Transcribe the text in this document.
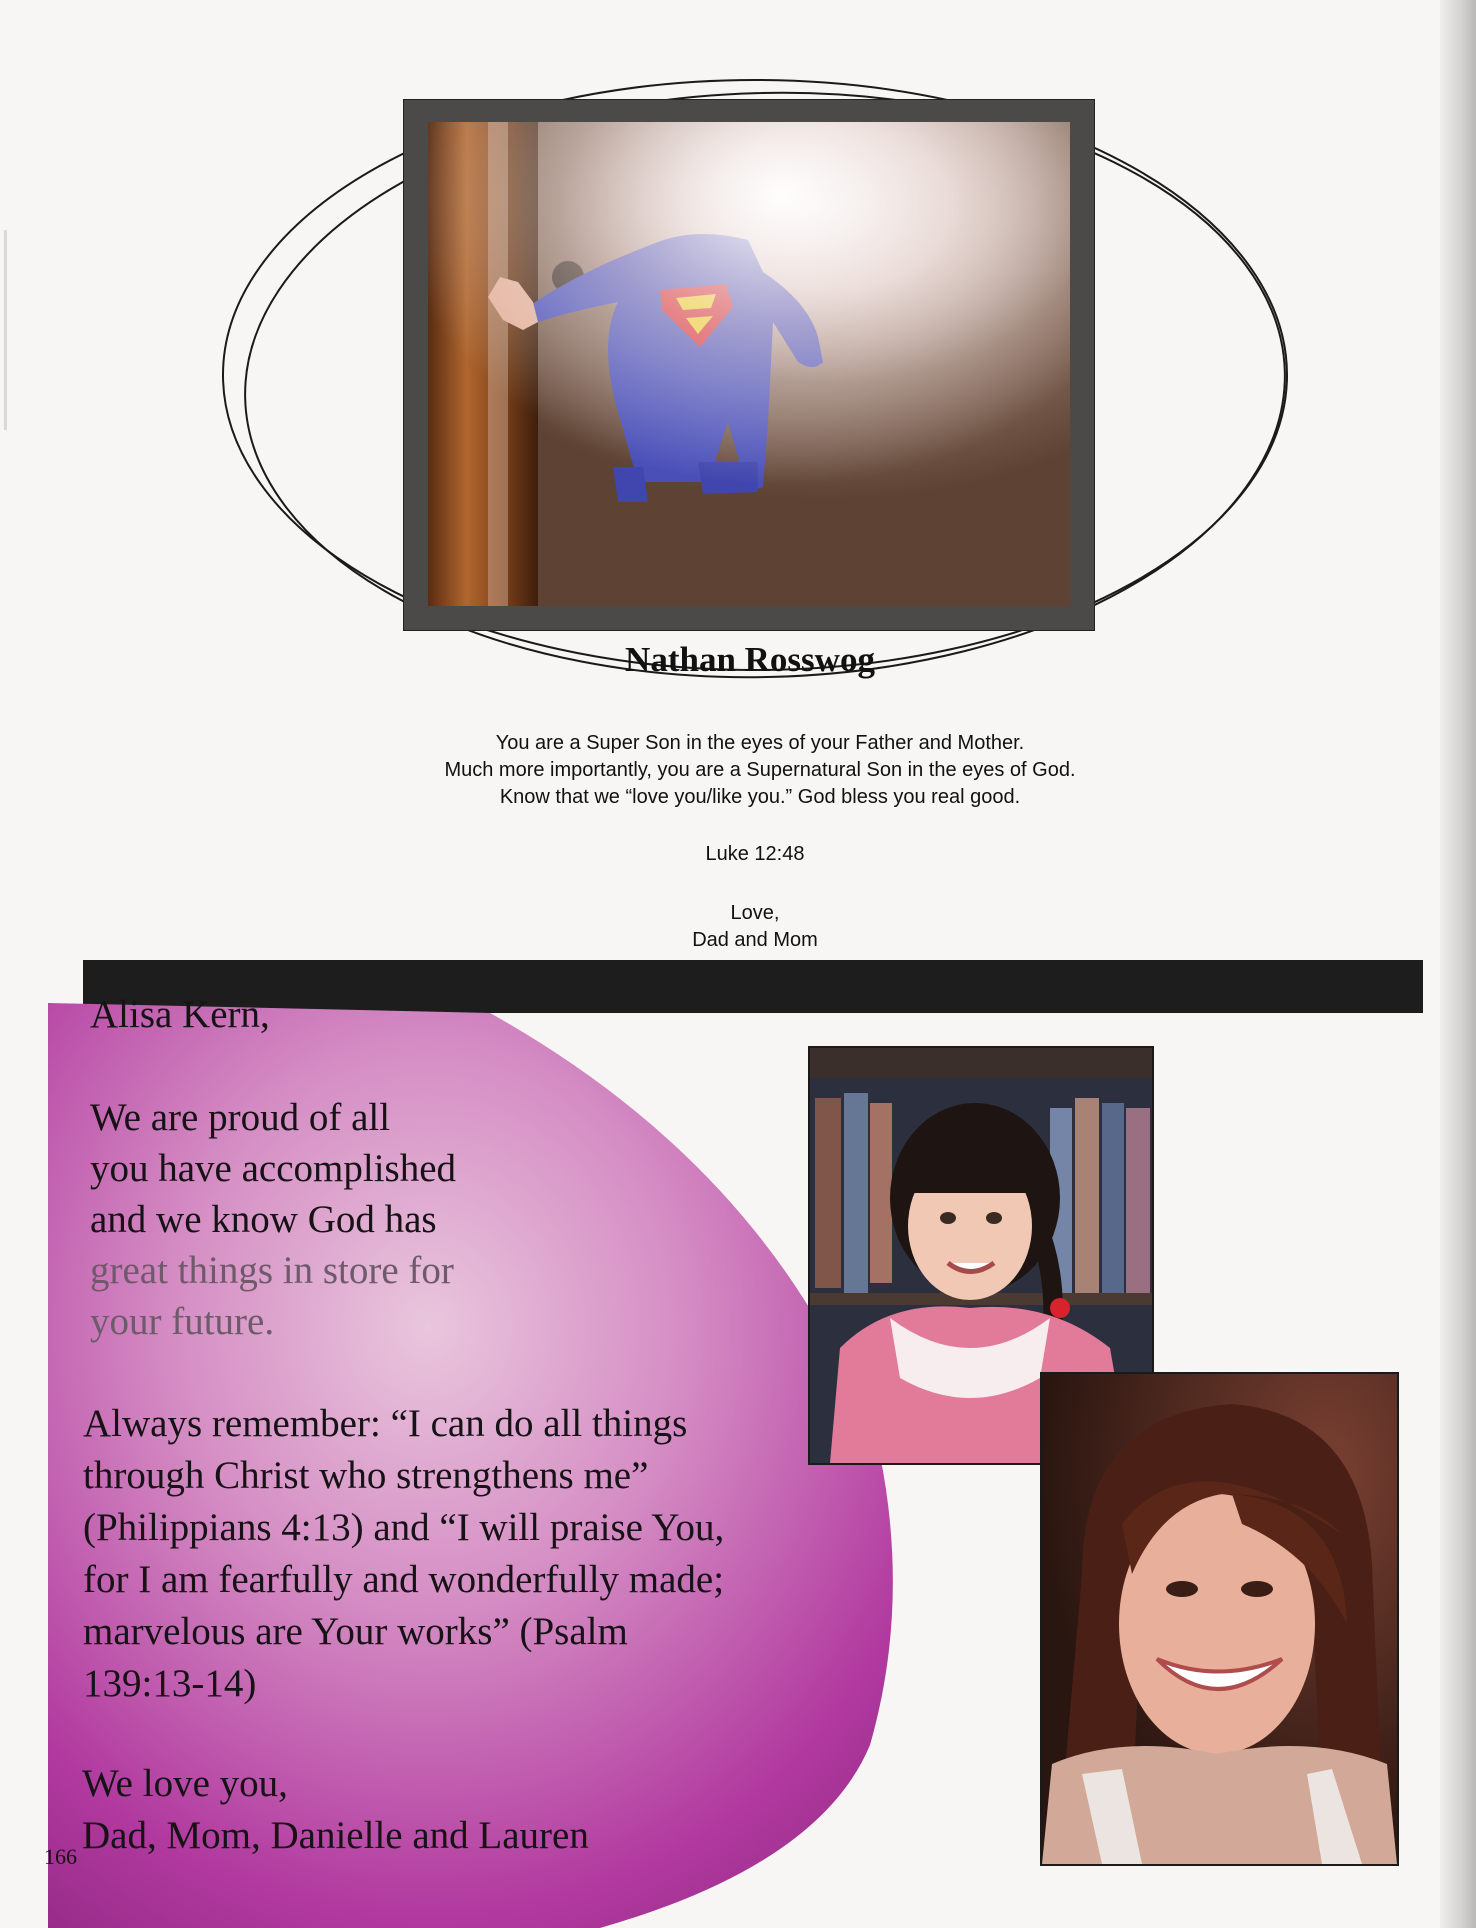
Nathan Rosswog
You are a Super Son in the eyes of your Father and Mother.
Much more importantly, you are a Supernatural Son in the eyes of God.
Know that we “love you/like you.” God bless you real good.
Luke 12:48
Love,
Dad and Mom
Alisa Kern,
We are proud of all
you have accomplished
and we know God has
great things in store for
your future.
Always remember: “I can do all things
through Christ who strengthens me”
(Philippians 4:13) and “I will praise You,
for I am fearfully and wonderfully made;
marvelous are Your works” (Psalm
139:13-14)
We love you,
Dad, Mom, Danielle and Lauren
166
